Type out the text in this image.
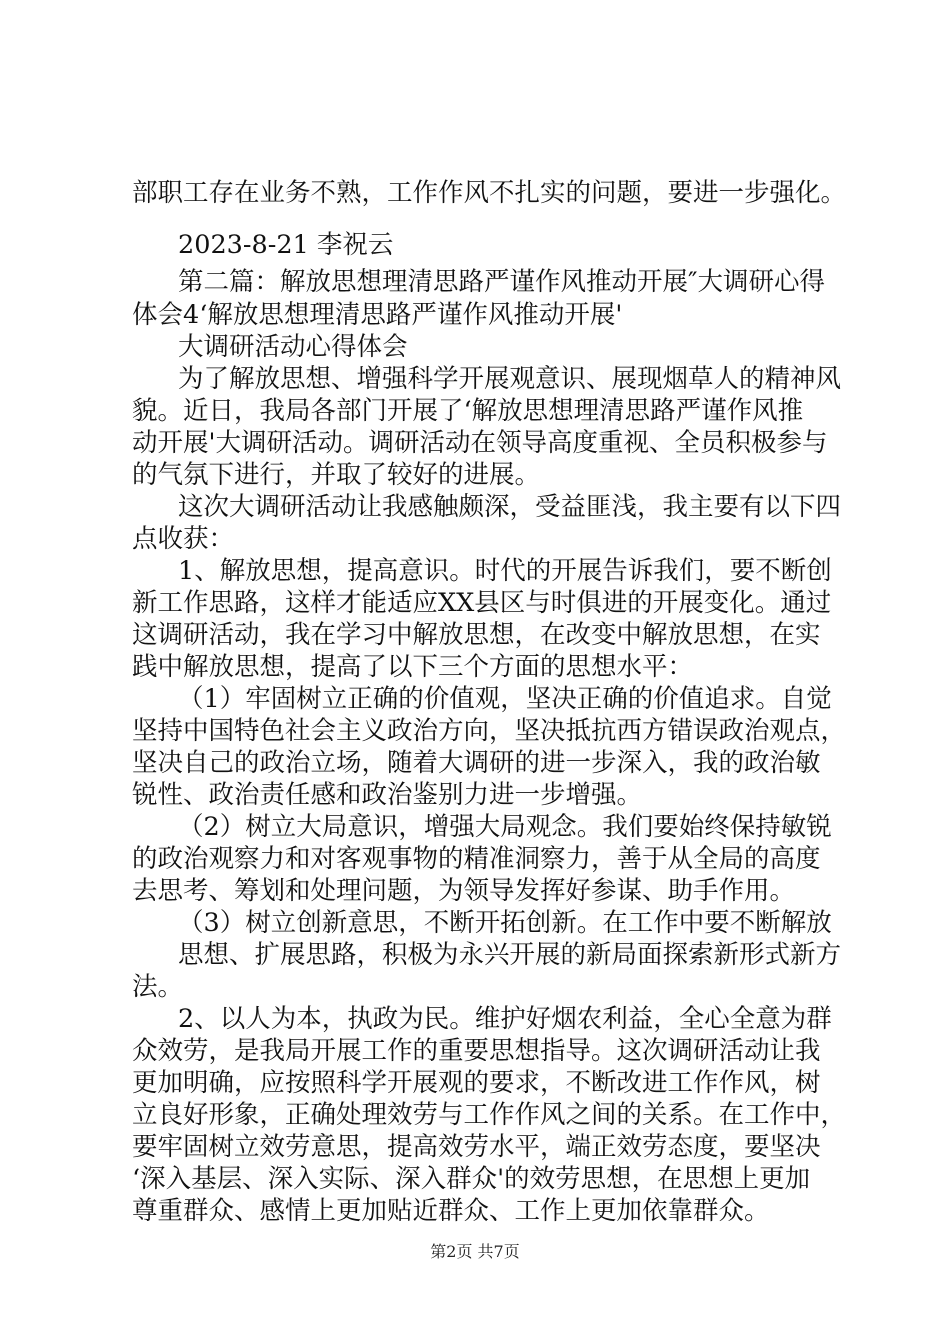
部职工存在业务不熟，工作作风不扎实的问题，要进一步强化。
2023-8-21 李祝云
第二篇：解放思想理清思路严谨作风推动开展″大调研心得
体会4‘解放思想理清思路严谨作风推动开展'
大调研活动心得体会
为了解放思想、增强科学开展观意识、展现烟草人的精神风
貌。近日，我局各部门开展了‘解放思想理清思路严谨作风推
动开展'大调研活动。调研活动在领导高度重视、全员积极参与
的气氛下进行，并取了较好的进展。
这次大调研活动让我感触颇深，受益匪浅，我主要有以下四
点收获：
1、解放思想，提高意识。时代的开展告诉我们，要不断创
新工作思路，这样才能适应XX县区与时俱进的开展变化。通过
这调研活动，我在学习中解放思想，在改变中解放思想，在实
践中解放思想，提高了以下三个方面的思想水平：
（1）牢固树立正确的价值观，坚决正确的价值追求。自觉
坚持中国特色社会主义政治方向，坚决抵抗西方错误政治观点，
坚决自己的政治立场，随着大调研的进一步深入，我的政治敏
锐性、政治责任感和政治鉴别力进一步增强。
（2）树立大局意识，增强大局观念。我们要始终保持敏锐
的政治观察力和对客观事物的精准洞察力，善于从全局的高度
去思考、筹划和处理问题，为领导发挥好参谋、助手作用。
（3）树立创新意思，不断开拓创新。在工作中要不断解放
思想、扩展思路，积极为永兴开展的新局面探索新形式新方
法。
2、以人为本，执政为民。维护好烟农利益，全心全意为群
众效劳，是我局开展工作的重要思想指导。这次调研活动让我
更加明确，应按照科学开展观的要求，不断改进工作作风，树
立良好形象，正确处理效劳与工作作风之间的关系。在工作中，
要牢固树立效劳意思，提高效劳水平，端正效劳态度，要坚决
‘深入基层、深入实际、深入群众'的效劳思想，在思想上更加
尊重群众、感情上更加贴近群众、工作上更加依靠群众。
第2页 共7页
